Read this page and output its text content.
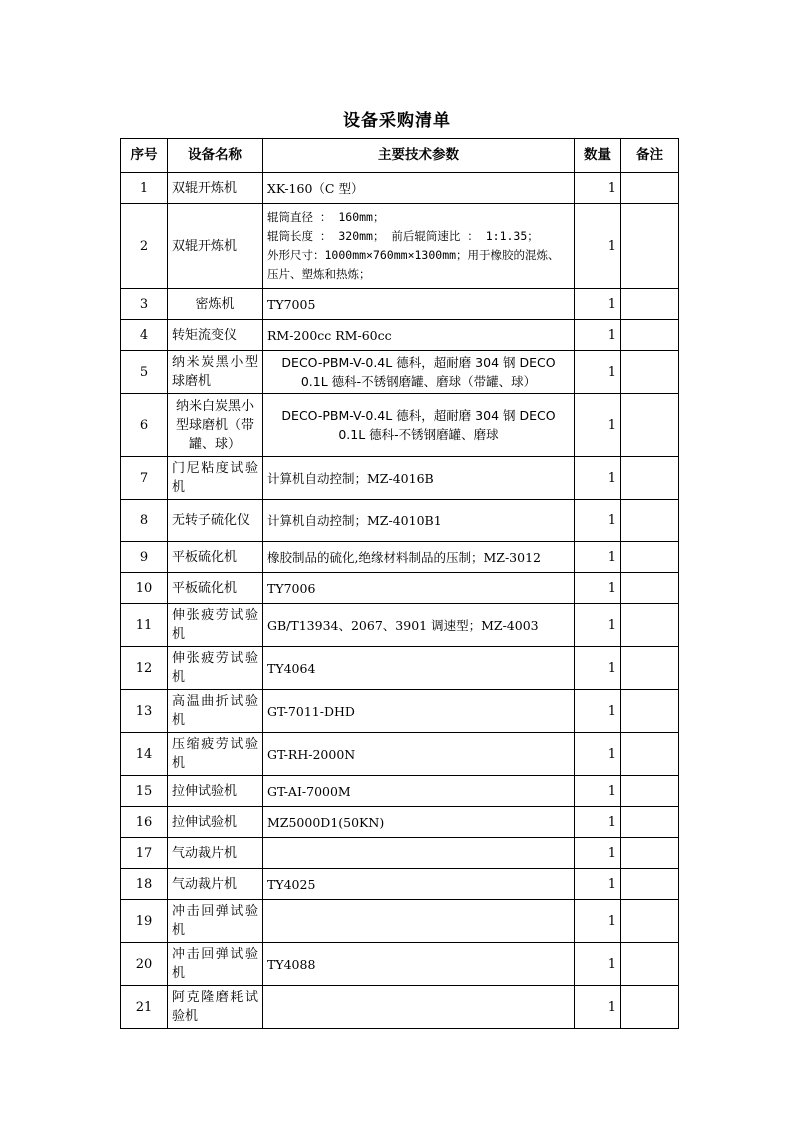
设备采购清单
序号	设备名称	主要技术参数	数量	备注
1	双辊开炼机	XK-160（C 型）	1	
2	双辊开炼机	辊筒直径 ： 160mm；
辊筒长度 ： 320mm； 前后辊筒速比 ： 1:1.35；
外形尺寸：1000mm×760mm×1300mm；用于橡胶的混炼、压片、塑炼和热炼；	1	
3	密炼机	TY7005	1	
4	转矩流变仪	RM-200cc RM-60cc	1	
5	纳米炭黑小型球磨机	DECO-PBM-V-0.4L 德科，超耐磨 304 钢 DECO 0.1L 德科-不锈钢磨罐、磨球（带罐、球）	1	
6	纳米白炭黑小型球磨机（带罐、球）	DECO-PBM-V-0.4L 德科，超耐磨 304 钢 DECO 0.1L 德科-不锈钢磨罐、磨球	1	
7	门尼粘度试验机	计算机自动控制；MZ-4016B	1	
8	无转子硫化仪	计算机自动控制；MZ-4010B1	1	
9	平板硫化机	橡胶制品的硫化,绝缘材料制品的压制；MZ-3012	1	
10	平板硫化机	TY7006	1	
11	伸张疲劳试验机	GB/T13934、2067、3901 调速型；MZ-4003	1	
12	伸张疲劳试验机	TY4064	1	
13	高温曲折试验机	GT-7011-DHD	1	
14	压缩疲劳试验机	GT-RH-2000N	1	
15	拉伸试验机	GT-AI-7000M	1	
16	拉伸试验机	MZ5000D1(50KN)	1	
17	气动裁片机		1	
18	气动裁片机	TY4025	1	
19	冲击回弹试验机		1	
20	冲击回弹试验机	TY4088	1	
21	阿克隆磨耗试验机		1	
